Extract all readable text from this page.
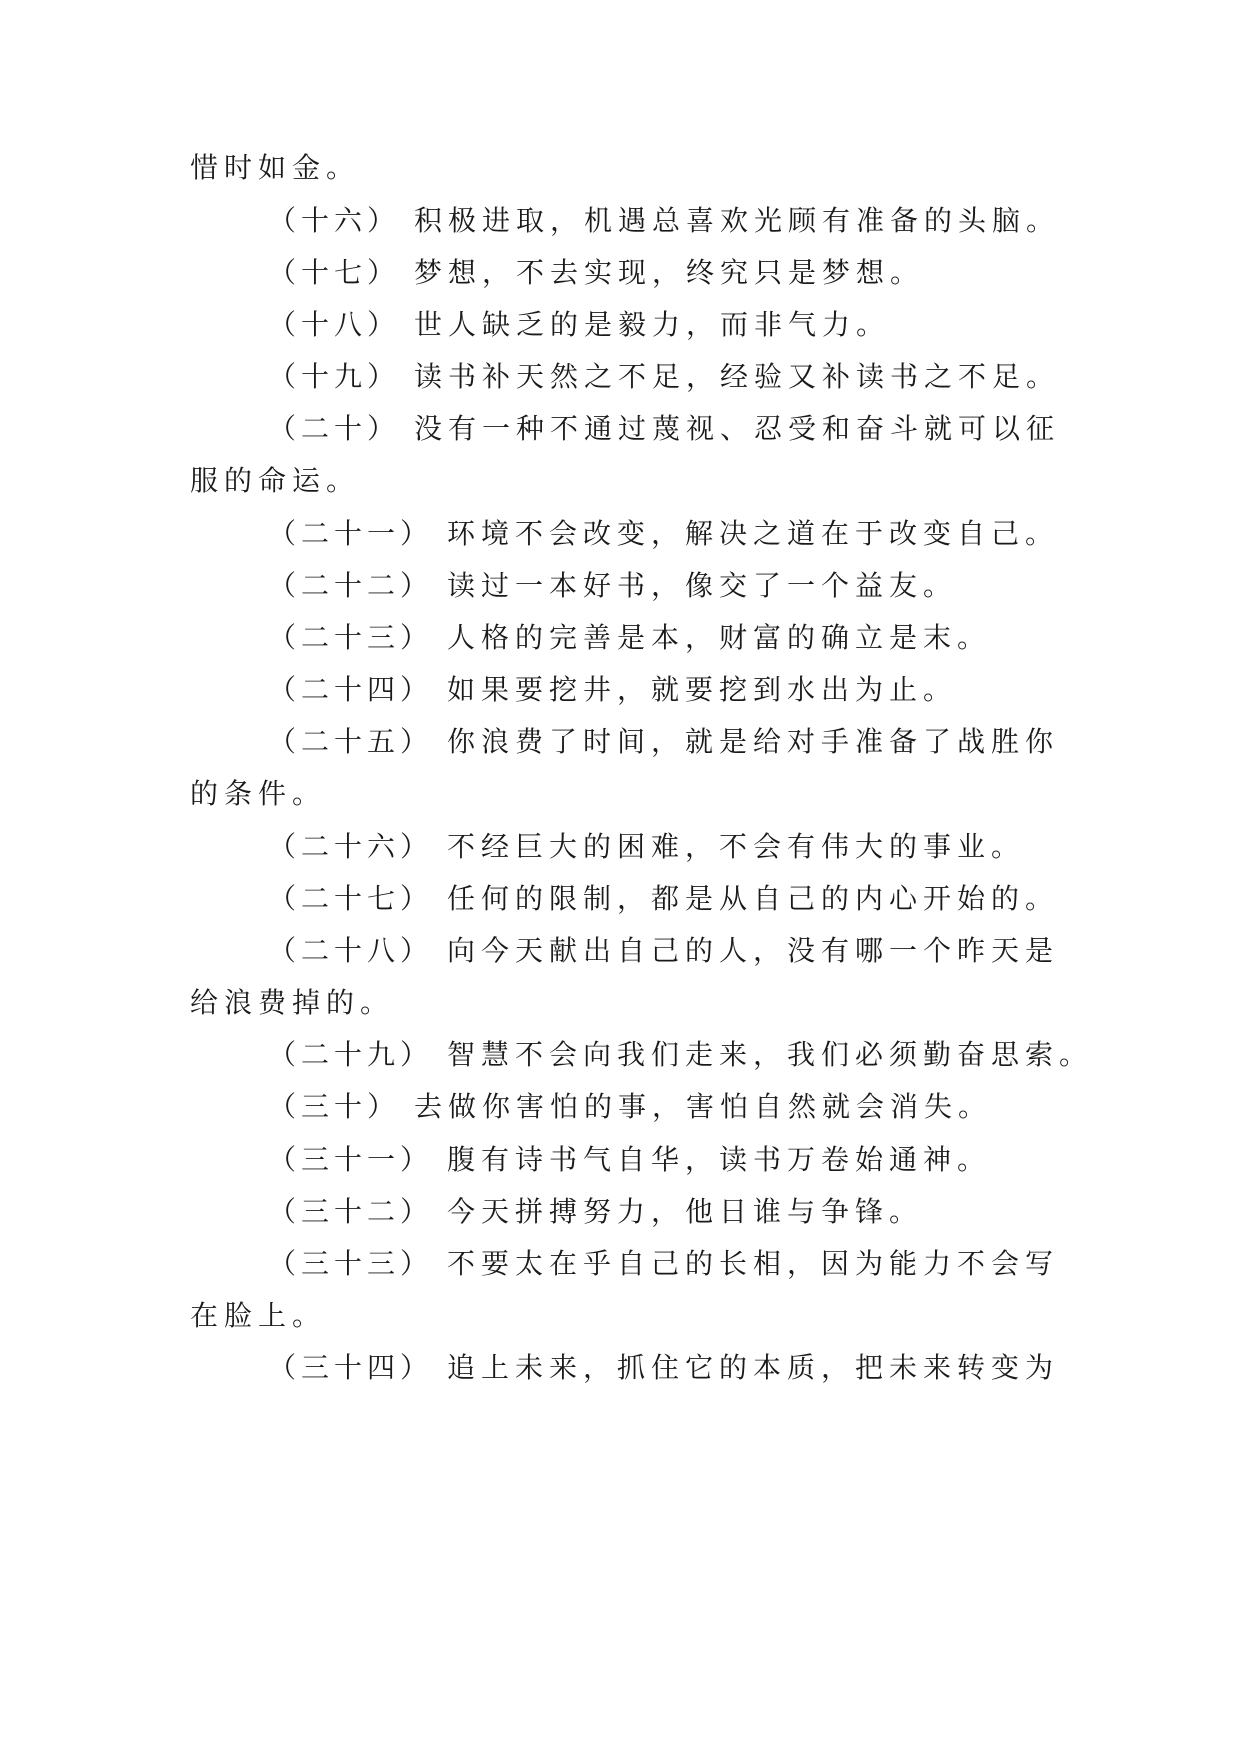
惜时如金。
（十六） 积极进取，机遇总喜欢光顾有准备的头脑。
（十七） 梦想，不去实现，终究只是梦想。
（十八） 世人缺乏的是毅力，而非气力。
（十九） 读书补天然之不足，经验又补读书之不足。
（二十） 没有一种不通过蔑视、忍受和奋斗就可以征
服的命运。
（二十一） 环境不会改变，解决之道在于改变自己。
（二十二） 读过一本好书，像交了一个益友。
（二十三） 人格的完善是本，财富的确立是末。
（二十四） 如果要挖井，就要挖到水出为止。
（二十五） 你浪费了时间，就是给对手准备了战胜你
的条件。
（二十六） 不经巨大的困难，不会有伟大的事业。
（二十七） 任何的限制，都是从自己的内心开始的。
（二十八） 向今天献出自己的人，没有哪一个昨天是
给浪费掉的。
（二十九） 智慧不会向我们走来，我们必须勤奋思索。
（三十） 去做你害怕的事，害怕自然就会消失。
（三十一） 腹有诗书气自华，读书万卷始通神。
（三十二） 今天拼搏努力，他日谁与争锋。
（三十三） 不要太在乎自己的长相，因为能力不会写
在脸上。
（三十四） 追上未来，抓住它的本质，把未来转变为
